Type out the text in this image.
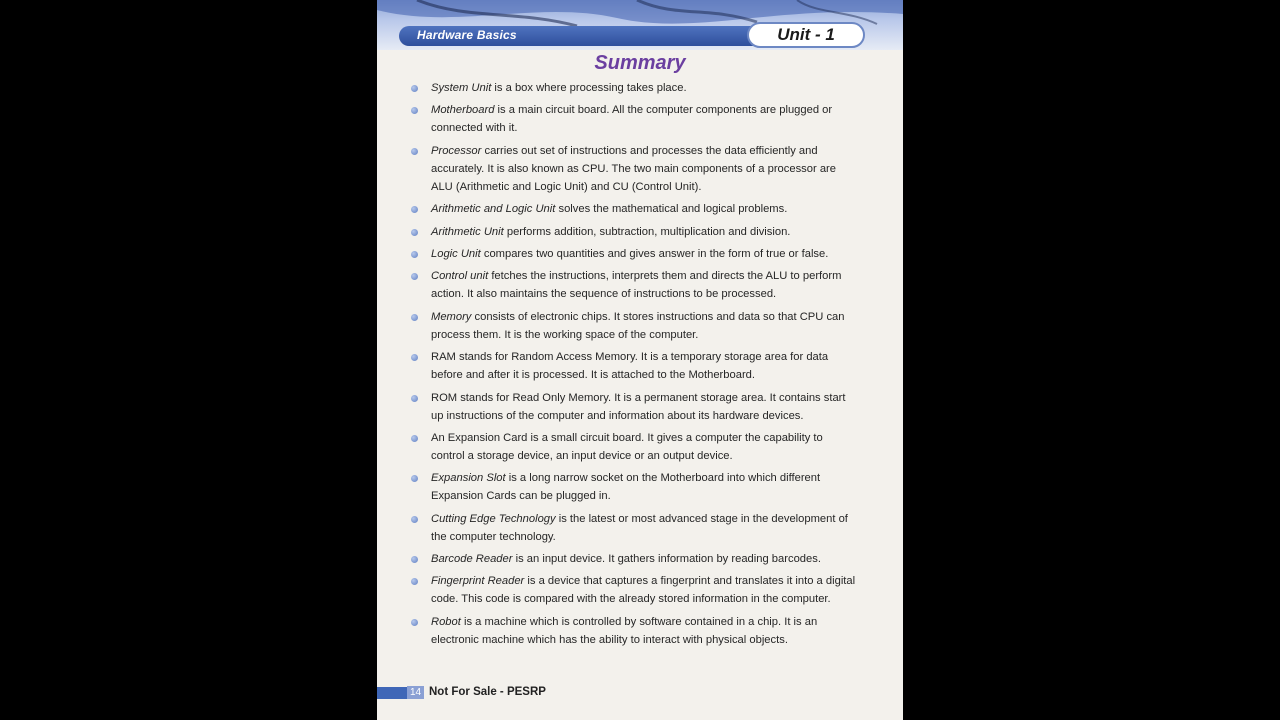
Hardware Basics	Unit - 1
Summary
System Unit is a box where processing takes place.
Motherboard is a main circuit board. All the computer components are plugged or connected with it.
Processor carries out set of instructions and processes the data efficiently and accurately. It is also known as CPU. The two main components of a processor are ALU (Arithmetic and Logic Unit) and CU (Control Unit).
Arithmetic and Logic Unit solves the mathematical and logical problems.
Arithmetic Unit performs addition, subtraction, multiplication and division.
Logic Unit compares two quantities and gives answer in the form of true or false.
Control unit fetches the instructions, interprets them and directs the ALU to perform action. It also maintains the sequence of instructions to be processed.
Memory consists of electronic chips. It stores instructions and data so that CPU can process them. It is the working space of the computer.
RAM stands for Random Access Memory. It is a temporary storage area for data before and after it is processed. It is attached to the Motherboard.
ROM stands for Read Only Memory. It is a permanent storage area. It contains start up instructions of the computer and information about its hardware devices.
An Expansion Card is a small circuit board. It gives a computer the capability to control a storage device, an input device or an output device.
Expansion Slot is a long narrow socket on the Motherboard into which different Expansion Cards can be plugged in.
Cutting Edge Technology is the latest or most advanced stage in the development of the computer technology.
Barcode Reader is an input device. It gathers information by reading barcodes.
Fingerprint Reader is a device that captures a fingerprint and translates it into a digital code. This code is compared with the already stored information in the computer.
Robot is a machine which is controlled by software contained in a chip. It is an electronic machine which has the ability to interact with physical objects.
14 Not For Sale - PESRP
